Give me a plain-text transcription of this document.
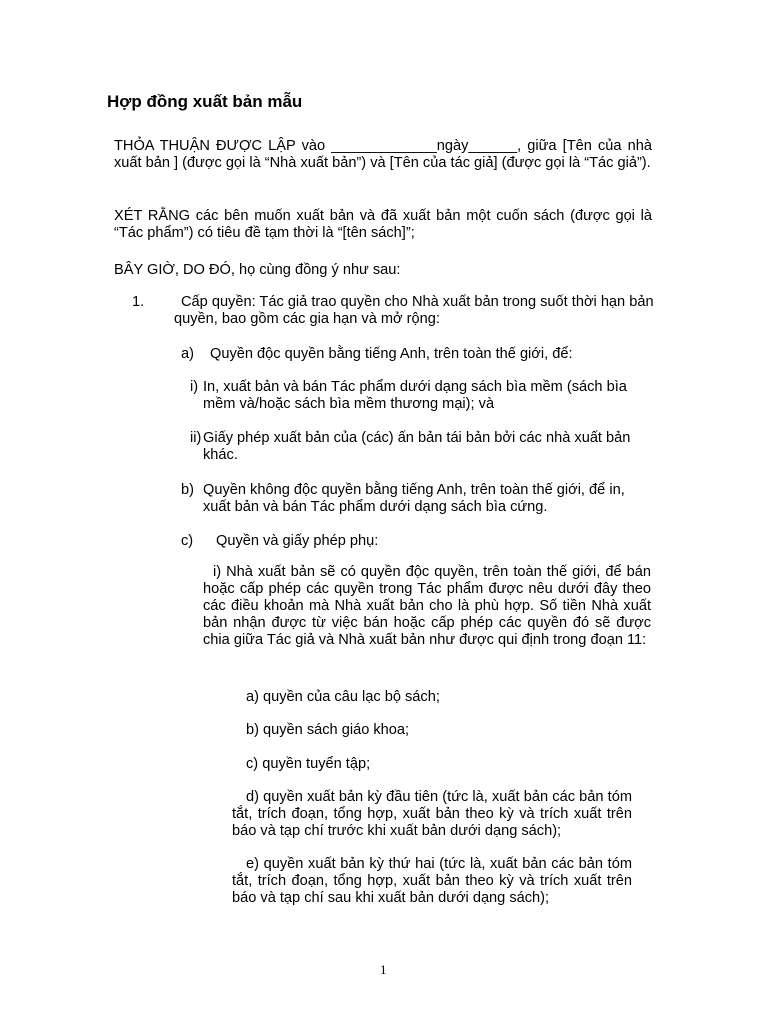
Hợp đồng xuất bản mẫu

THỎA THUẬN ĐƯỢC LẬP vào _____________ngày______, giữa [Tên của nhà xuất bản ] (được gọi là “Nhà xuất bản”) và [Tên của tác giả] (được gọi là “Tác giả”).

XÉT RẰNG các bên muốn xuất bản và đã xuất bản một cuốn sách (được gọi là “Tác phẩm”) có tiêu đề tạm thời là “[tên sách]”;

BÂY GIỜ, DO ĐÓ, họ cùng đồng ý như sau:

1.	Cấp quyền: Tác giả trao quyền cho Nhà xuất bản trong suốt thời hạn bản quyền, bao gồm các gia hạn và mở rộng:
a) Quyền độc quyền bằng tiếng Anh, trên toàn thế giới, để:
i) In, xuất bản và bán Tác phẩm dưới dạng sách bìa mềm (sách bìa mềm và/hoặc sách bìa mềm thương mại); và
ii) Giấy phép xuất bản của (các) ấn bản tái bản bởi các nhà xuất bản khác.
b) Quyền không độc quyền bằng tiếng Anh, trên toàn thế giới, để in, xuất bản và bán Tác phẩm dưới dạng sách bìa cứng.
c) Quyền và giấy phép phụ:
i) Nhà xuất bản sẽ có quyền độc quyền, trên toàn thế giới, để bán hoặc cấp phép các quyền trong Tác phẩm được nêu dưới đây theo các điều khoản mà Nhà xuất bản cho là phù hợp. Số tiền Nhà xuất bản nhận được từ việc bán hoặc cấp phép các quyền đó sẽ được chia giữa Tác giả và Nhà xuất bản như được qui định trong đoạn 11:
a) quyền của câu lạc bộ sách;
b) quyền sách giáo khoa;
c) quyền tuyển tập;
d) quyền xuất bản kỳ đầu tiên (tức là, xuất bản các bản tóm tắt, trích đoạn, tổng hợp, xuất bản theo kỳ và trích xuất trên báo và tạp chí trước khi xuất bản dưới dạng sách);
e) quyền xuất bản kỳ thứ hai (tức là, xuất bản các bản tóm tắt, trích đoạn, tổng hợp, xuất bản theo kỳ và trích xuất trên báo và tạp chí sau khi xuất bản dưới dạng sách);
1
